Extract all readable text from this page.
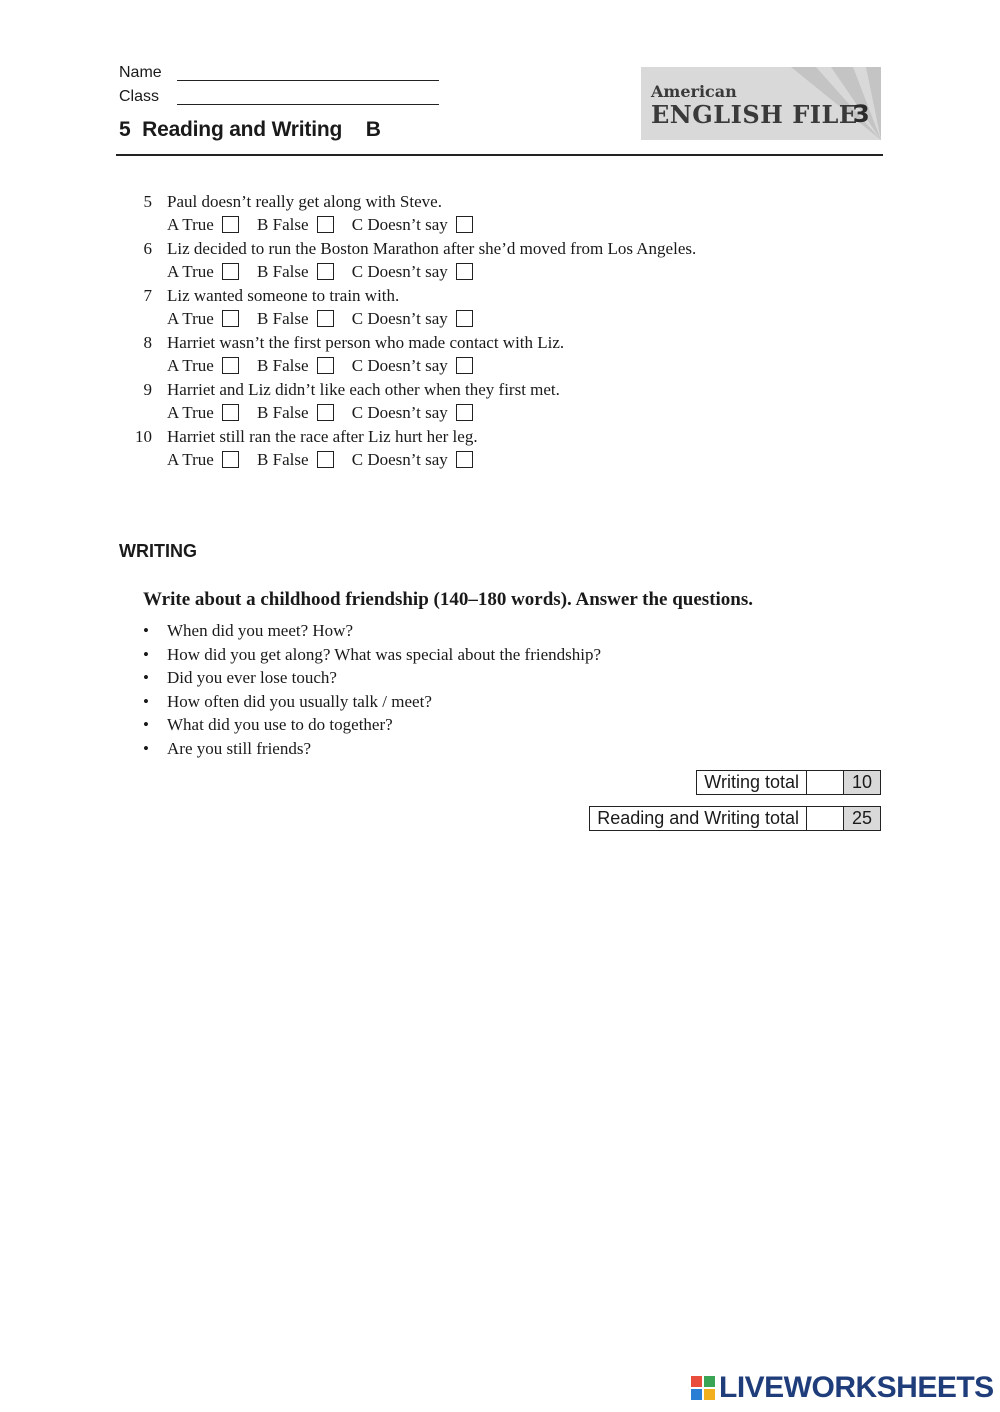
Name
Class
5 Reading and Writing B
American
ENGLISH FILE
3
5 Paul doesn’t really get along with Steve.
A True	B False	C Doesn’t say
6 Liz decided to run the Boston Marathon after she’d moved from Los Angeles.
A True	B False	C Doesn’t say
7 Liz wanted someone to train with.
A True	B False	C Doesn’t say
8 Harriet wasn’t the first person who made contact with Liz.
A True	B False	C Doesn’t say
9 Harriet and Liz didn’t like each other when they first met.
A True	B False	C Doesn’t say
10 Harriet still ran the race after Liz hurt her leg.
A True	B False	C Doesn’t say
WRITING
Write about a childhood friendship (140–180 words). Answer the questions.
• When did you meet? How?
• How did you get along? What was special about the friendship?
• Did you ever lose touch?
• How often did you usually talk / meet?
• What did you use to do together?
• Are you still friends?
Writing total	10
Reading and Writing total	25
LIVEWORKSHEETS
